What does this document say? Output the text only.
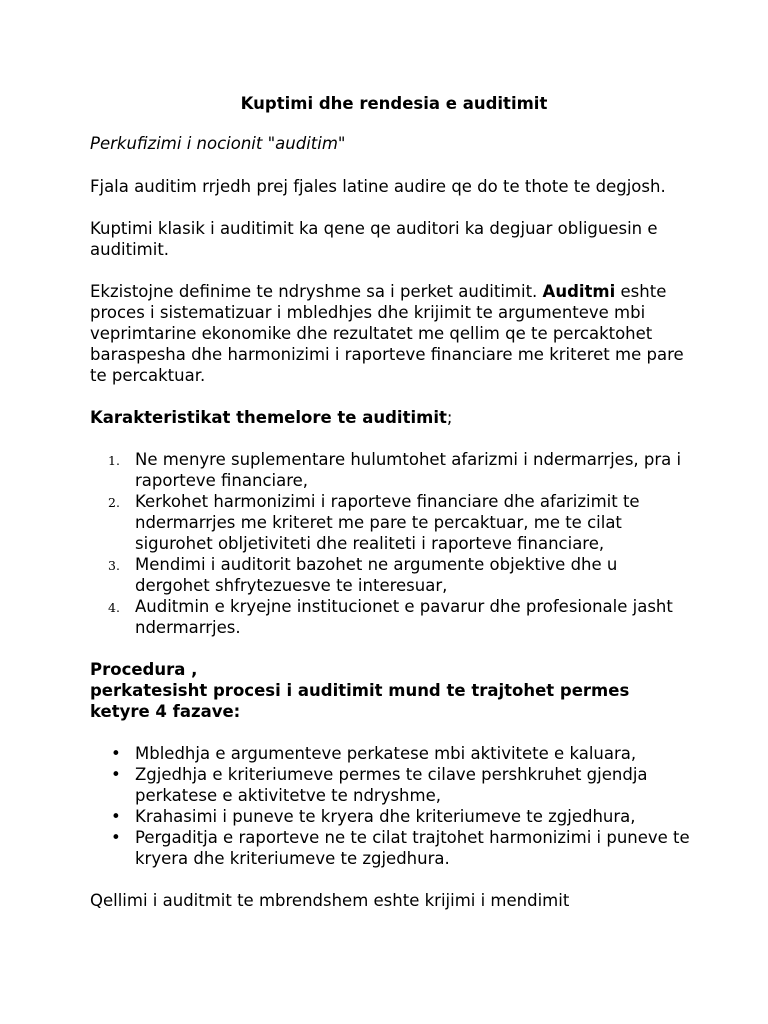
Kuptimi dhe rendesia e auditimit
Perkufizimi i nocionit "auditim"

Fjala auditim rrjedh prej fjales latine audire qe do te thote te degjosh.

Kuptimi klasik i auditimit ka qene qe auditori ka degjuar obliguesin e auditimit.

Ekzistojne definime te ndryshme sa i perket auditimit. Auditmi eshte proces i sistematizuar i mbledhjes dhe krijimit te argumenteve mbi veprimtarine ekonomike dhe rezultatet me qellim qe te percaktohet baraspesha dhe harmonizimi i raporteve financiare me kriteret me pare te percaktuar.

Karakteristikat themelore te auditimit;
1. Ne menyre suplementare hulumtohet afarizmi i ndermarrjes, pra i raporteve financiare,
2. Kerkohet harmonizimi i raporteve financiare dhe afarizimit te ndermarrjes me kriteret me pare te percaktuar, me te cilat sigurohet obljetiviteti dhe realiteti i raporteve financiare,
3. Mendimi i auditorit bazohet ne argumente objektive dhe u dergohet shfrytezuesve te interesuar,
4. Auditmin e kryejne institucionet e pavarur dhe profesionale jasht ndermarrjes.
Procedura ,
perkatesisht procesi i auditimit mund te trajtohet permes ketyre 4 fazave:
• Mbledhja e argumenteve perkatese mbi aktivitete e kaluara,
• Zgjedhja e kriteriumeve permes te cilave pershkruhet gjendja perkatese e aktivitetve te ndryshme,
• Krahasimi i puneve te kryera dhe kriteriumeve te zgjedhura,
• Pergaditja e raporteve ne te cilat trajtohet harmonizimi i puneve te kryera dhe kriteriumeve te zgjedhura.

Qellimi i auditmit te mbrendshem eshte krijimi i mendimit
